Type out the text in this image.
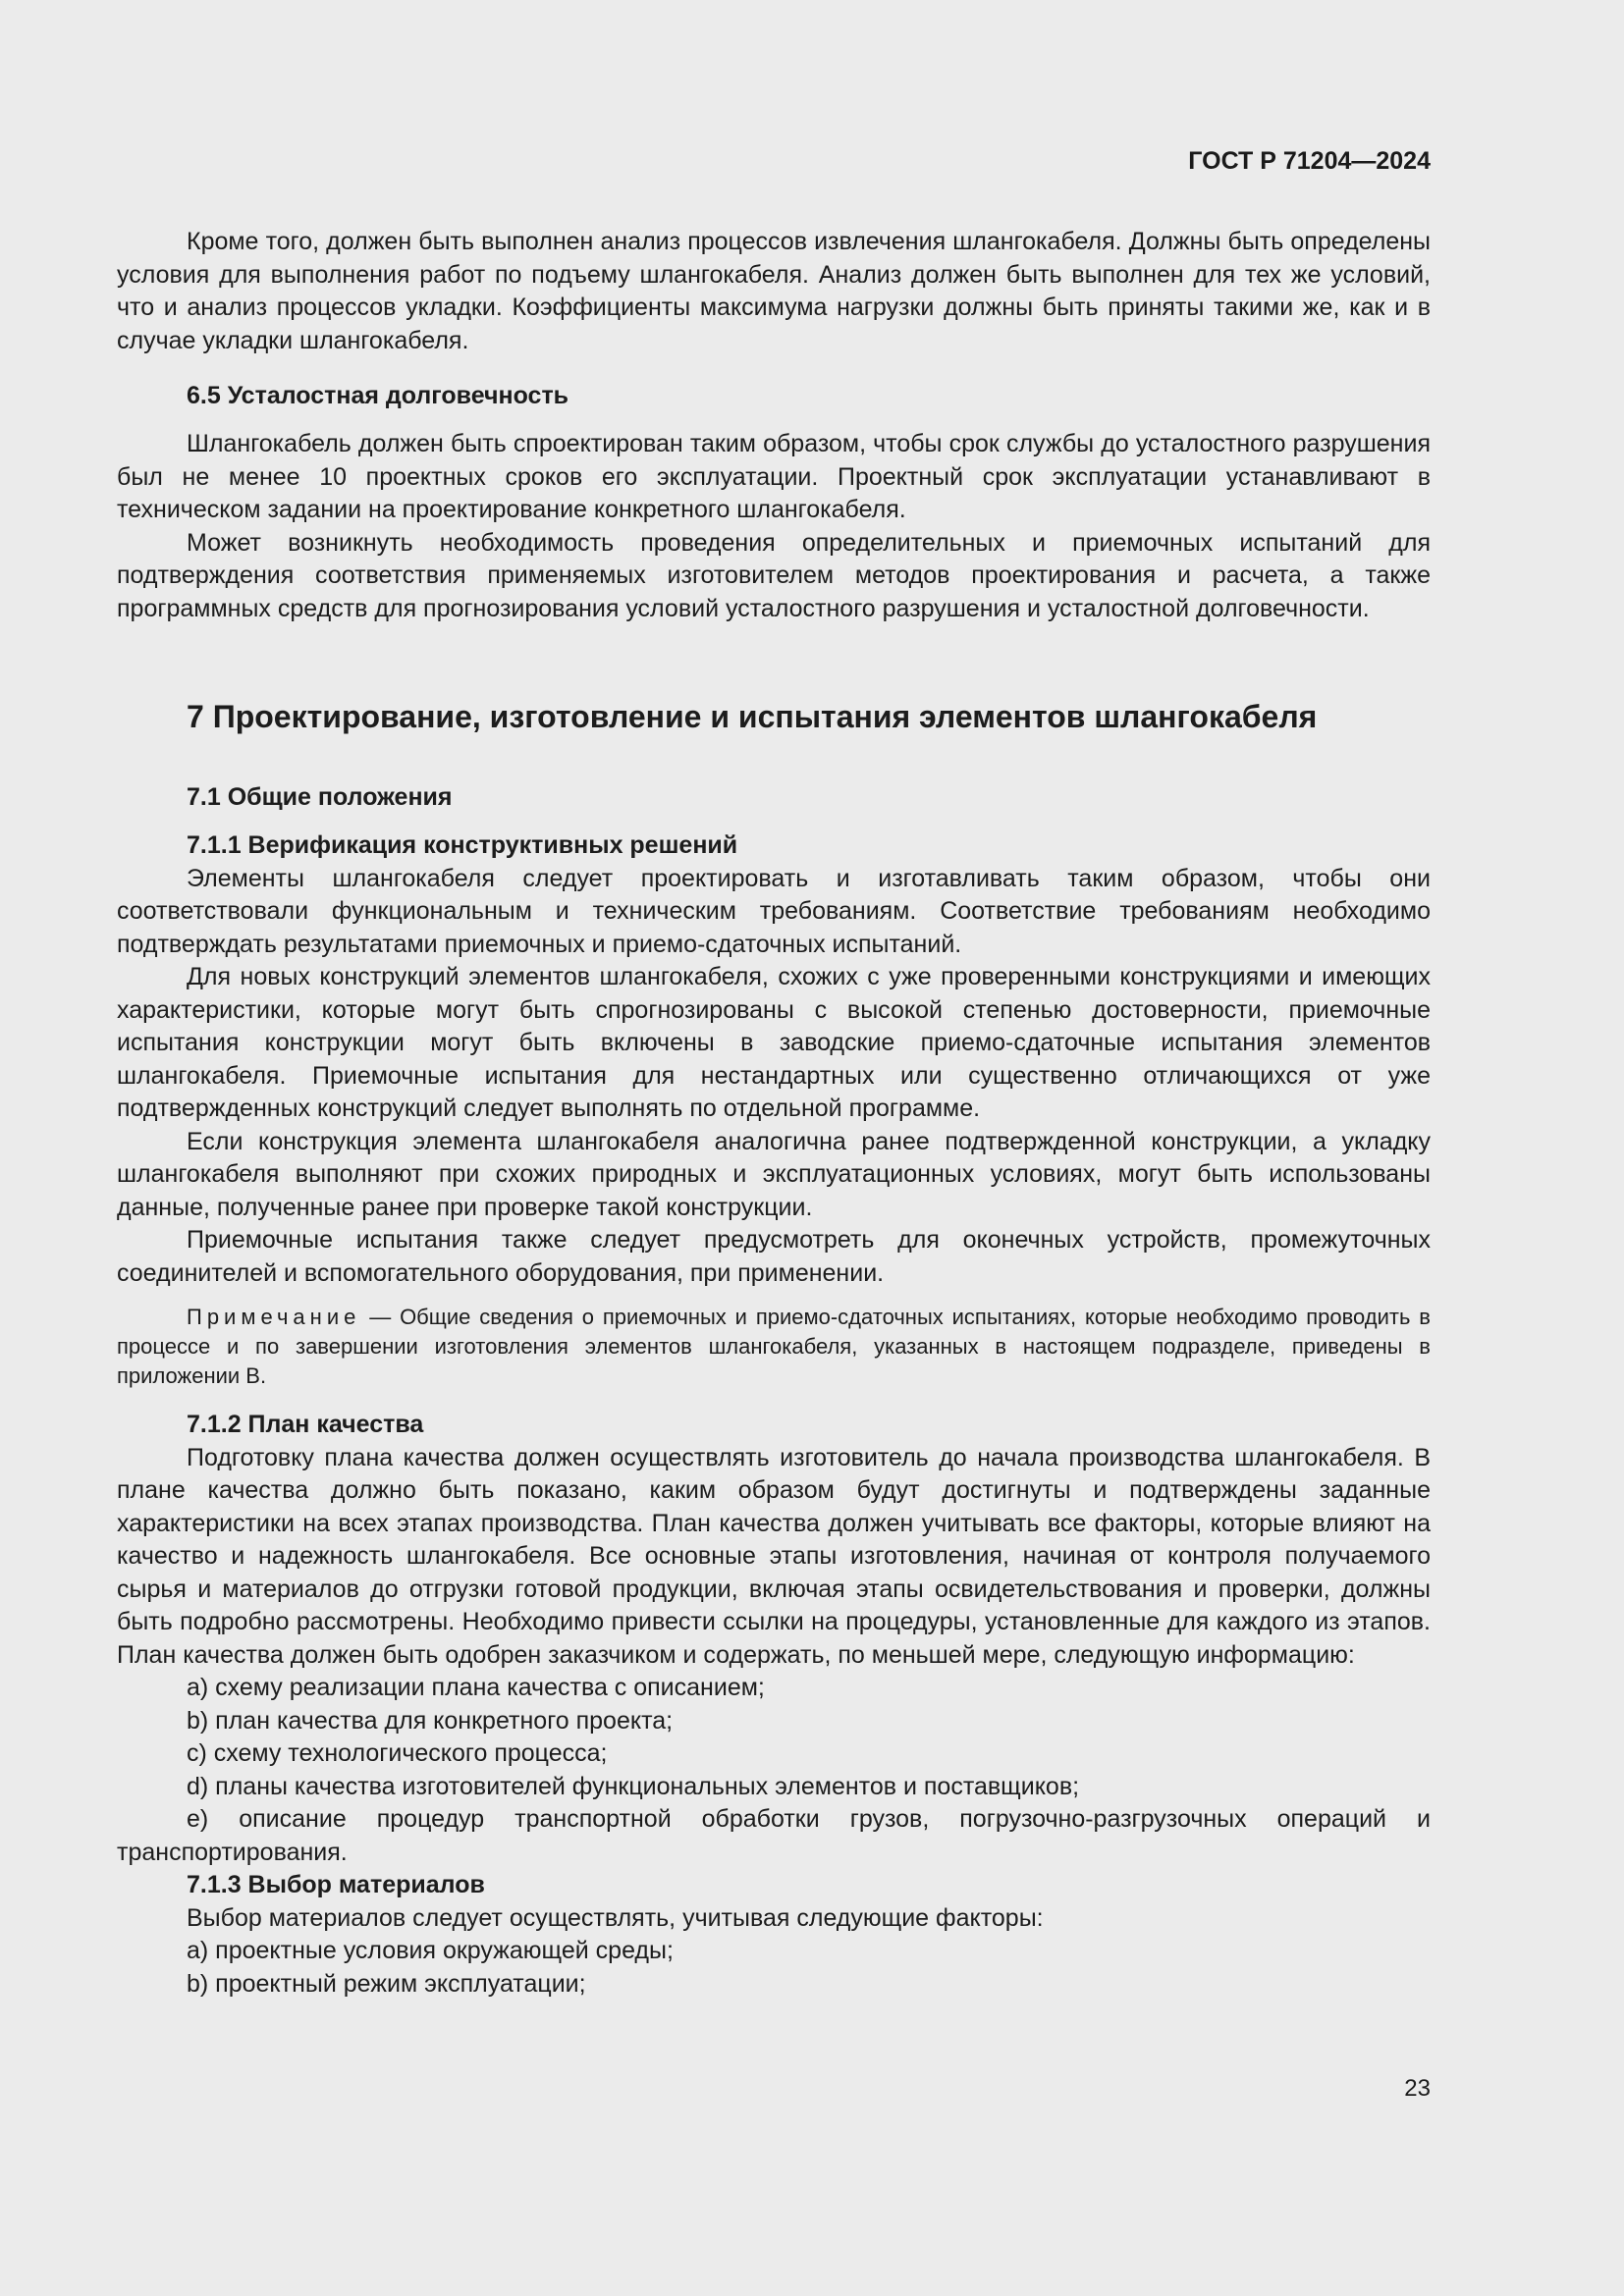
ГОСТ Р 71204—2024

Кроме того, должен быть выполнен анализ процессов извлечения шлангокабеля. Должны быть определены условия для выполнения работ по подъему шлангокабеля. Анализ должен быть выполнен для тех же условий, что и анализ процессов укладки. Коэффициенты максимума нагрузки должны быть приняты такими же, как и в случае укладки шлангокабеля.

6.5 Усталостная долговечность

Шлангокабель должен быть спроектирован таким образом, чтобы срок службы до усталостного разрушения был не менее 10 проектных сроков его эксплуатации. Проектный срок эксплуатации устанавливают в техническом задании на проектирование конкретного шлангокабеля.

Может возникнуть необходимость проведения определительных и приемочных испытаний для подтверждения соответствия применяемых изготовителем методов проектирования и расчета, а также программных средств для прогнозирования условий усталостного разрушения и усталостной долговечности.

7 Проектирование, изготовление и испытания элементов шлангокабеля

7.1 Общие положения

7.1.1 Верификация конструктивных решений

Элементы шлангокабеля следует проектировать и изготавливать таким образом, чтобы они соответствовали функциональным и техническим требованиям. Соответствие требованиям необходимо подтверждать результатами приемочных и приемо-сдаточных испытаний.

Для новых конструкций элементов шлангокабеля, схожих с уже проверенными конструкциями и имеющих характеристики, которые могут быть спрогнозированы с высокой степенью достоверности, приемочные испытания конструкции могут быть включены в заводские приемо-сдаточные испытания элементов шлангокабеля. Приемочные испытания для нестандартных или существенно отличающихся от уже подтвержденных конструкций следует выполнять по отдельной программе.

Если конструкция элемента шлангокабеля аналогична ранее подтвержденной конструкции, а укладку шлангокабеля выполняют при схожих природных и эксплуатационных условиях, могут быть использованы данные, полученные ранее при проверке такой конструкции.

Приемочные испытания также следует предусмотреть для оконечных устройств, промежуточных соединителей и вспомогательного оборудования, при применении.

Примечание — Общие сведения о приемочных и приемо-сдаточных испытаниях, которые необходимо проводить в процессе и по завершении изготовления элементов шлангокабеля, указанных в настоящем подразделе, приведены в приложении В.

7.1.2 План качества

Подготовку плана качества должен осуществлять изготовитель до начала производства шлангокабеля. В плане качества должно быть показано, каким образом будут достигнуты и подтверждены заданные характеристики на всех этапах производства. План качества должен учитывать все факторы, которые влияют на качество и надежность шлангокабеля. Все основные этапы изготовления, начиная от контроля получаемого сырья и материалов до отгрузки готовой продукции, включая этапы освидетельствования и проверки, должны быть подробно рассмотрены. Необходимо привести ссылки на процедуры, установленные для каждого из этапов. План качества должен быть одобрен заказчиком и содержать, по меньшей мере, следующую информацию:

a) схему реализации плана качества с описанием;

b) план качества для конкретного проекта;

c) схему технологического процесса;

d) планы качества изготовителей функциональных элементов и поставщиков;

e) описание процедур транспортной обработки грузов, погрузочно-разгрузочных операций и транспортирования.

7.1.3 Выбор материалов

Выбор материалов следует осуществлять, учитывая следующие факторы:

a) проектные условия окружающей среды;

b) проектный режим эксплуатации;

23
